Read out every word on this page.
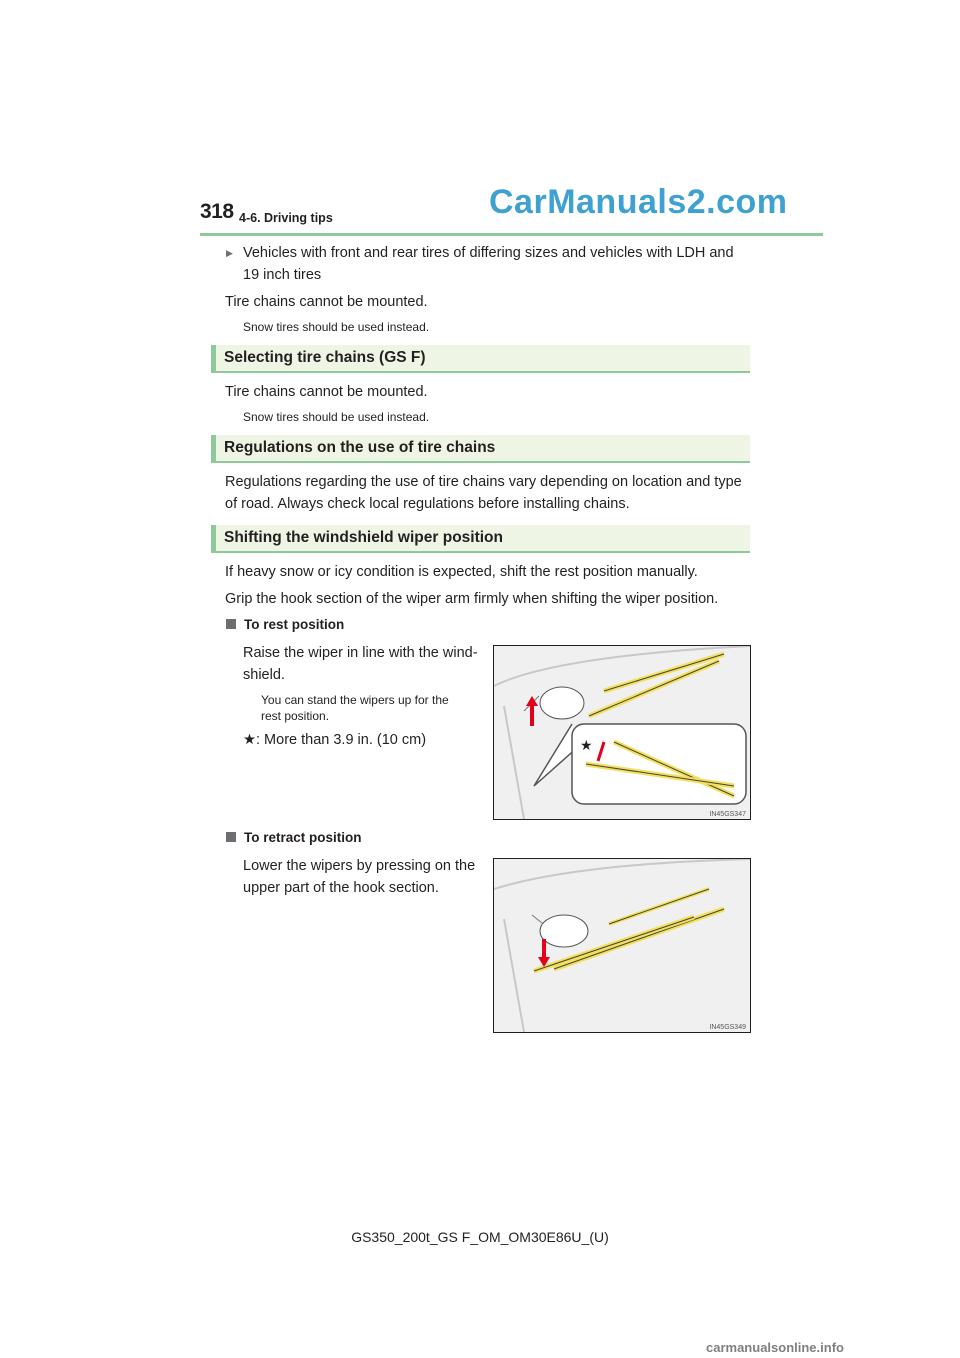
318 4-6. Driving tips	CarManuals2.com
▶ Vehicles with front and rear tires of differing sizes and vehicles with LDH and
19 inch tires
Tire chains cannot be mounted.
Snow tires should be used instead.
Selecting tire chains (GS F)
Tire chains cannot be mounted.
Snow tires should be used instead.
Regulations on the use of tire chains
Regulations regarding the use of tire chains vary depending on location and type
of road. Always check local regulations before installing chains.
Shifting the windshield wiper position
If heavy snow or icy condition is expected, shift the rest position manually.
Grip the hook section of the wiper arm firmly when shifting the wiper position.
To rest position
Raise the wiper in line with the wind-
shield.
You can stand the wipers up for the
rest position.
★: More than 3.9 in. (10 cm)	★
IN45GS347
To retract position
Lower the wipers by pressing on the
upper part of the hook section.
IN45GS349
GS350_200t_GS F_OM_OM30E86U_(U)
carmanualsonline.info
